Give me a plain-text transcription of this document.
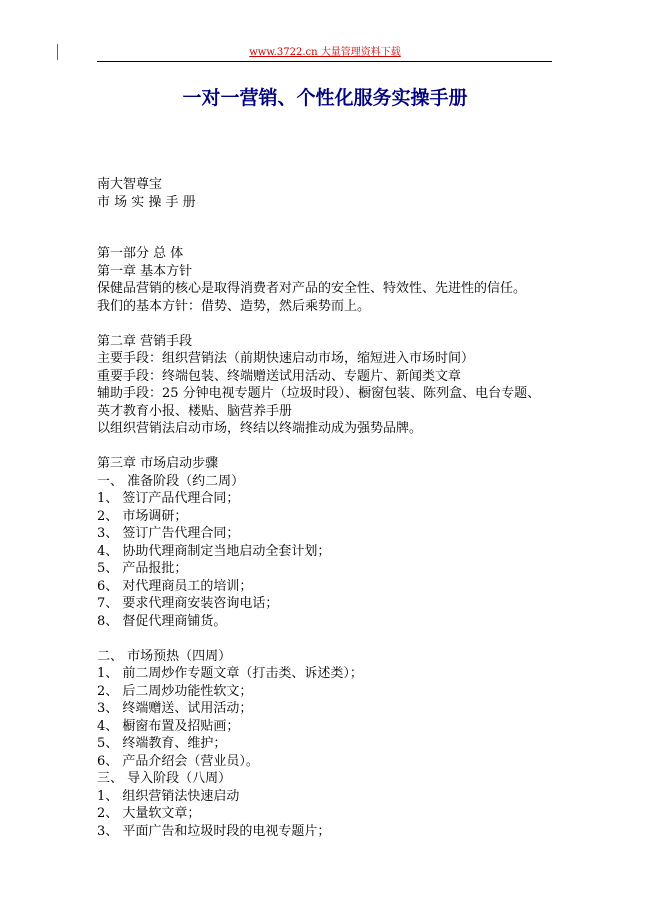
www.3722.cn 大量管理资料下载
一对一营销、个性化服务实操手册

南大智尊宝

市 场 实 操 手 册

第一部分 总 体

第一章 基本方针

保健品营销的核心是取得消费者对产品的安全性、特效性、先进性的信任。

我们的基本方针：借势、造势，然后乘势而上。

第二章 营销手段

主要手段：组织营销法（前期快速启动市场，缩短进入市场时间）

重要手段：终端包装、终端赠送试用活动、专题片、新闻类文章

辅助手段：25 分钟电视专题片（垃圾时段）、橱窗包装、陈列盒、电台专题、

英才教育小报、楼贴、脑营养手册

以组织营销法启动市场，终结以终端推动成为强势品牌。

第三章 市场启动步骤

一、 准备阶段（约二周）

1、 签订产品代理合同；

2、 市场调研；

3、 签订广告代理合同；

4、 协助代理商制定当地启动全套计划；

5、 产品报批；

6、 对代理商员工的培训；

7、 要求代理商安装咨询电话；

8、 督促代理商铺货。

二、 市场预热（四周）

1、 前二周炒作专题文章（打击类、诉述类）；

2、 后二周炒功能性软文；

3、 终端赠送、试用活动；

4、 橱窗布置及招贴画；

5、 终端教育、维护；

6、 产品介绍会（营业员）。

三、 导入阶段（八周）

1、 组织营销法快速启动

2、 大量软文章；

3、 平面广告和垃圾时段的电视专题片；
